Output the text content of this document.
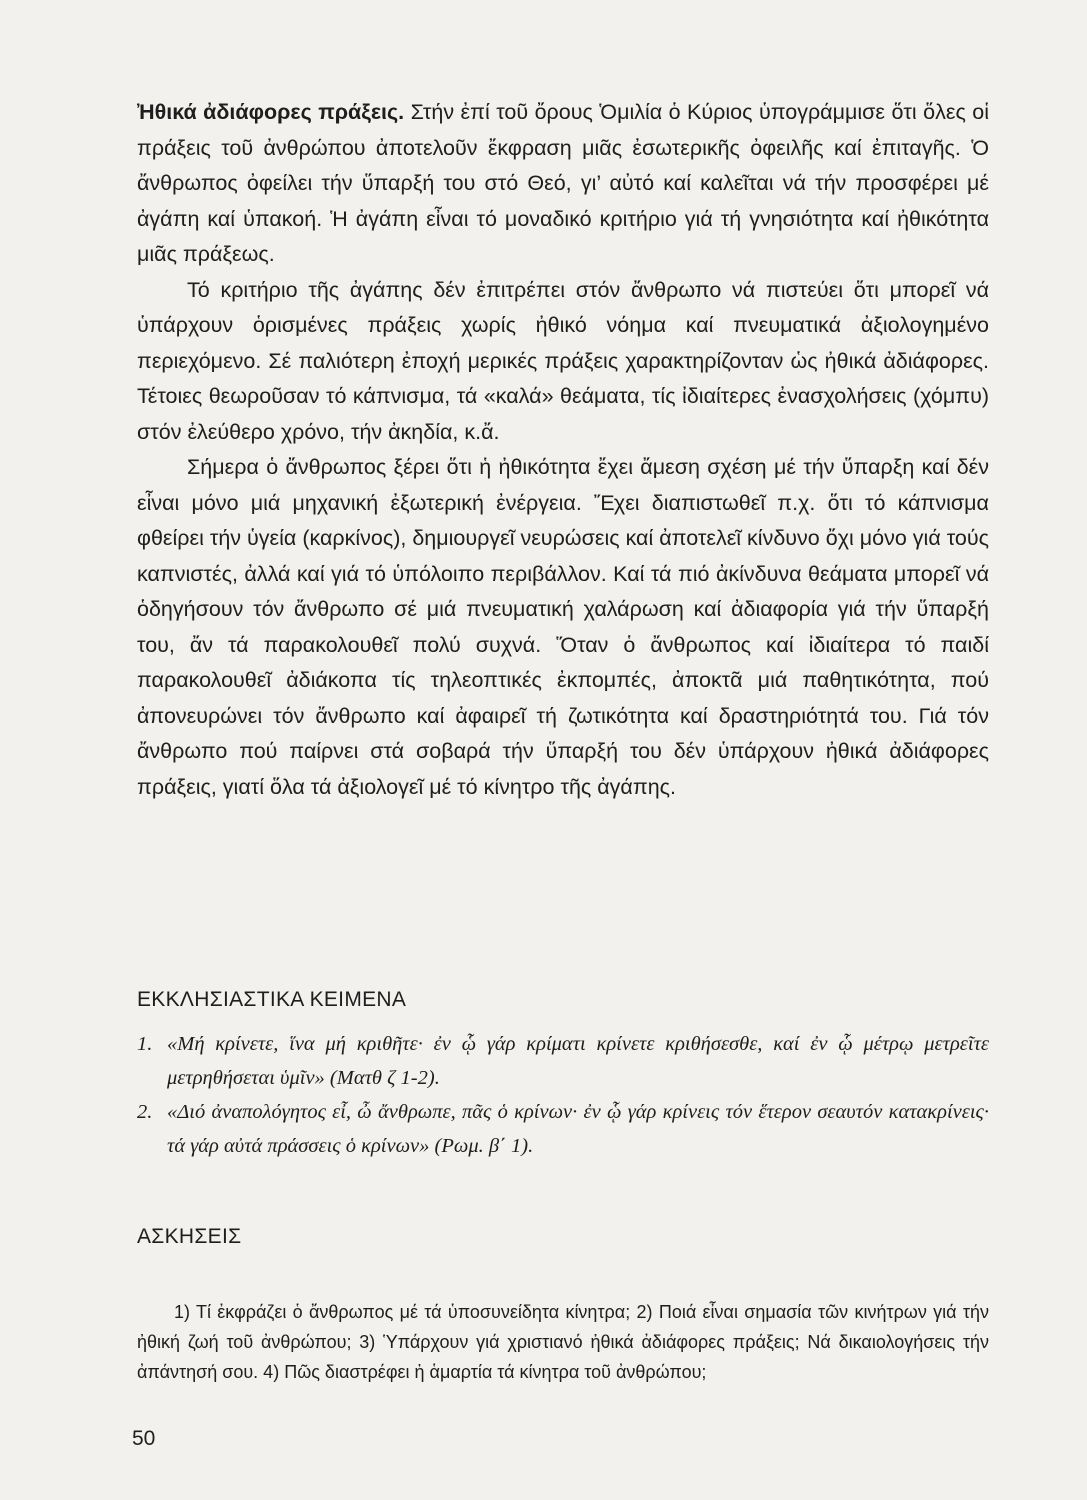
Ἠθικά ἀδιάφορες πράξεις. Στήν ἐπί τοῦ ὄρους Ὁμιλία ὁ Κύριος ὑπογράμμισε ὅτι ὅλες οἱ πράξεις τοῦ ἀνθρώπου ἀποτελοῦν ἔκφραση μιᾶς ἐσωτερικῆς ὀφειλῆς καί ἐπιταγῆς. Ὁ ἄνθρωπος ὀφείλει τήν ὕπαρξή του στό Θεό, γι’ αὐτό καί καλεῖται νά τήν προσφέρει μέ ἀγάπη καί ὑπακοή. Ἡ ἀγάπη εἶναι τό μοναδικό κριτήριο γιά τή γνησιότητα καί ἠθικότητα μιᾶς πράξεως.

Τό κριτήριο τῆς ἀγάπης δέν ἐπιτρέπει στόν ἄνθρωπο νά πιστεύει ὅτι μπορεῖ νά ὑπάρχουν ὁρισμένες πράξεις χωρίς ἠθικό νόημα καί πνευματικά ἀξιολογημένο περιεχόμενο. Σέ παλιότερη ἐποχή μερικές πράξεις χαρακτηρίζονταν ὡς ἠθικά ἀδιάφορες. Τέτοιες θεωροῦσαν τό κάπνισμα, τά «καλά» θεάματα, τίς ἰδιαίτερες ἐνασχολήσεις (χόμπυ) στόν ἐλεύθερο χρόνο, τήν ἀκηδία, κ.ἄ.

Σήμερα ὁ ἄνθρωπος ξέρει ὅτι ἡ ἠθικότητα ἔχει ἄμεση σχέση μέ τήν ὕπαρξη καί δέν εἶναι μόνο μιά μηχανική ἐξωτερική ἐνέργεια. Ἔχει διαπιστωθεῖ π.χ. ὅτι τό κάπνισμα φθείρει τήν ὑγεία (καρκίνος), δημιουργεῖ νευρώσεις καί ἀποτελεῖ κίνδυνο ὄχι μόνο γιά τούς καπνιστές, ἀλλά καί γιά τό ὑπόλοιπο περιβάλλον. Καί τά πιό ἀκίνδυνα θεάματα μπορεῖ νά ὁδηγήσουν τόν ἄνθρωπο σέ μιά πνευματική χαλάρωση καί ἀδιαφορία γιά τήν ὕπαρξή του, ἄν τά παρακολουθεῖ πολύ συχνά. Ὅταν ὁ ἄνθρωπος καί ἰδιαίτερα τό παιδί παρακολουθεῖ ἀδιάκοπα τίς τηλεοπτικές ἐκπομπές, ἀποκτᾶ μιά παθητικότητα, πού ἀπονευρώνει τόν ἄνθρωπο καί ἀφαιρεῖ τή ζωτικότητα καί δραστηριότητά του. Γιά τόν ἄνθρωπο πού παίρνει στά σοβαρά τήν ὕπαρξή του δέν ὑπάρχουν ἠθικά ἀδιάφορες πράξεις, γιατί ὅλα τά ἀξιολογεῖ μέ τό κίνητρο τῆς ἀγάπης.

ΕΚΚΛΗΣΙΑΣΤΙΚΑ ΚΕΙΜΕΝΑ
1. «Μή κρίνετε, ἵνα μή κριθῆτε· ἐν ᾧ γάρ κρίματι κρίνετε κριθήσεσθε, καί ἐν ᾧ μέτρῳ μετρεῖτε μετρηθήσεται ὑμῖν» (Ματθ ζ 1-2).
2. «Διό ἀναπολόγητος εἶ, ὦ ἄνθρωπε, πᾶς ὁ κρίνων· ἐν ᾧ γάρ κρίνεις τόν ἕτερον σεαυτόν κατακρίνεις· τά γάρ αὐτά πράσσεις ὁ κρίνων» (Ρωμ. β΄ 1).
ΑΣΚΗΣΕΙΣ
1) Τί ἐκφράζει ὁ ἄνθρωπος μέ τά ὑποσυνείδητα κίνητρα; 2) Ποιά εἶναι σημασία τῶν κινήτρων γιά τήν ἠθική ζωή τοῦ ἀνθρώπου; 3) Ὑπάρχουν γιά χριστιανό ἠθικά ἀδιάφορες πράξεις; Νά δικαιολογήσεις τήν ἀπάντησή σου. 4) Πῶς διαστρέφει ἡ ἁμαρτία τά κίνητρα τοῦ ἀνθρώπου;
50
